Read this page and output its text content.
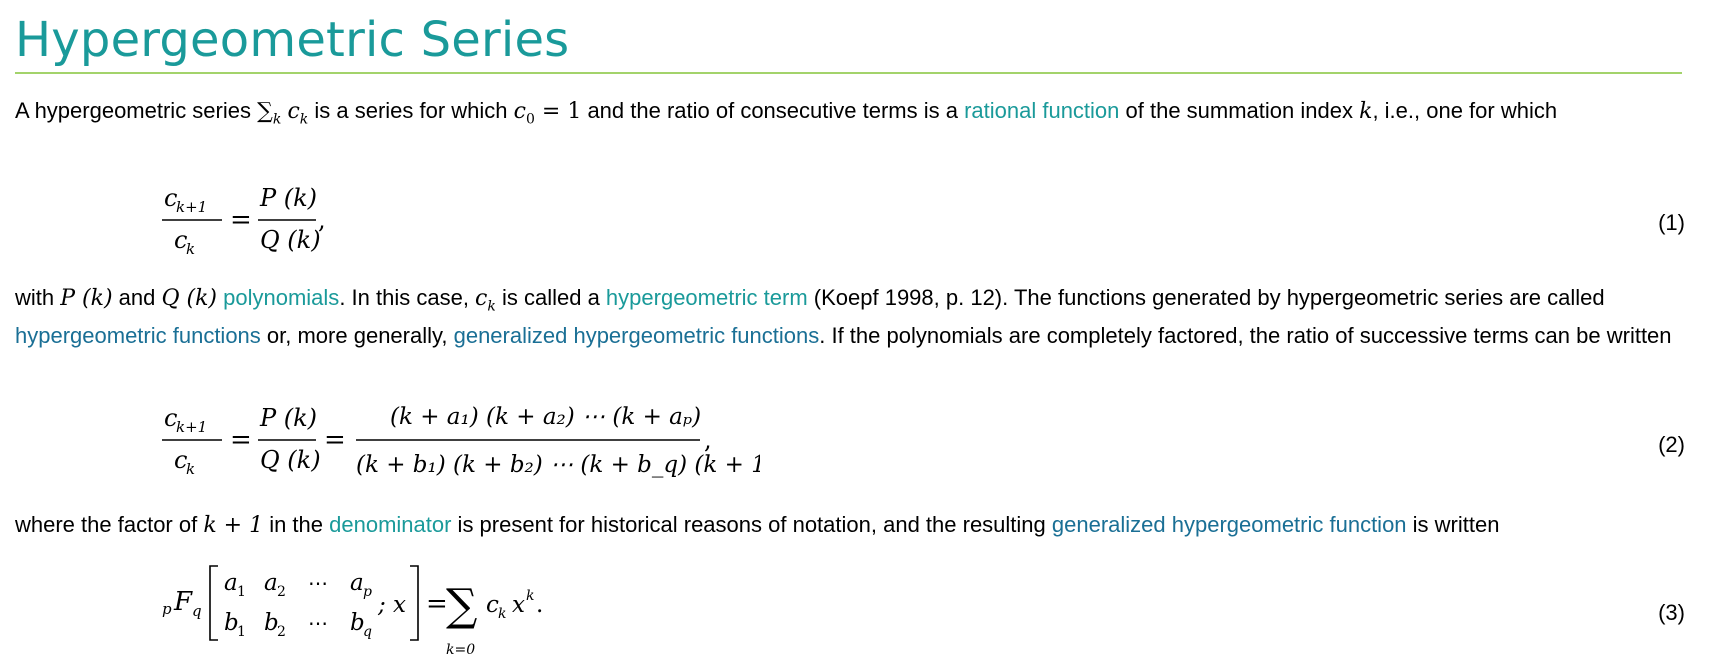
Hypergeometric Series

A hypergeometric series $\sum_k$ $c_k$ is a series for which $c_0 = 1$ and the ratio of consecutive terms is a rational function of the summation index k, i.e., one for which

c
k+1
c
k
=
P (k)
Q (k)
,	(1)

with P (k) and Q (k) polynomials. In this case, $c_k$ is called a hypergeometric term (Koepf 1998, p. 12). The functions generated by hypergeometric series are called hypergeometric functions or, more generally, generalized hypergeometric functions. If the polynomials are completely factored, the ratio of successive terms can be written

c
k+1
c
k
=
P (k)
Q (k)
=
(k + a₁) (k + a₂) ⋯ (k + aₚ)
(k + b₁) (k + b₂) ⋯ (k + b_q) (k + 1)
,	(2)

where the factor of k + 1 in the denominator is present for historical reasons of notation, and the resulting generalized hypergeometric function is written

p F q
a 1 a 2 ⋯ a p
b
1 b
2 ⋯ b
q
; x =
∑
k=0
c k x k .	(3)
